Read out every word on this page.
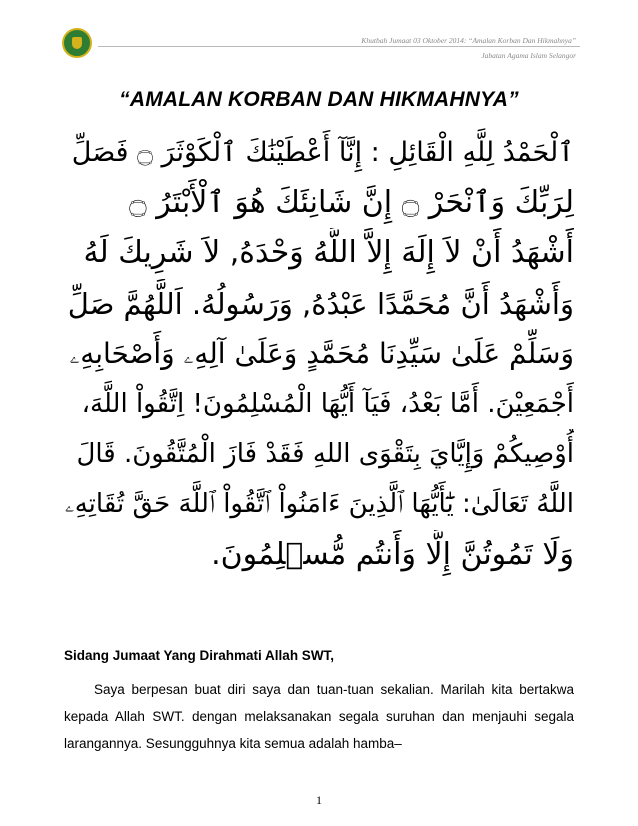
Khutbah Jumaat 03 Oktober 2014: “Amalan Korban Dan Hikmahnya”
Jabatan Agama Islam Selangor
“AMALAN KORBAN DAN HIKMAHNYA”
ٱلْحَمْدُ لِلَّهِ الْقَائِلِ : إِنَّآ أَعْطَيْنَٰكَ ٱلْكَوْثَرَ ۝ فَصَلِّ
لِرَبِّكَ وَٱنْحَرْ ۝ إِنَّ شَانِئَكَ هُوَ ٱلْأَبْتَرُ ۝
أَشْهَدُ أَنْ لاَ إِلَهَ إِلاَّ اللَّهُ وَحْدَهُ, لاَ شَرِيكَ لَهُ
وَأَشْهَدُ أَنَّ مُحَمَّدًا عَبْدُهُ, وَرَسُولُهُ. اَللَّهُمَّ صَلِّ
وَسَلِّمْ عَلَىٰ سَيِّدِنَا مُحَمَّدٍ وَعَلَىٰ آلِهِۦ وَأَصْحَابِهِۦ
أَجْمَعِيْنَ. أَمَّا بَعْدُ، فَيَآ أَيُّهَا الْمُسْلِمُونَ! اِتَّقُواْ اللَّهَ،
أُوْصِيكُمْ وَإِيَّايَ بِتَقْوَى اللهِ فَقَدْ فَازَ الْمُتَّقُونَ. قَالَ
اللَّهُ تَعَالَىٰ: يَٰٓأَيُّهَا ٱلَّذِينَ ءَامَنُواْ ٱتَّقُواْ ٱللَّهَ حَقَّ تُقَاتِهِۦ
وَلَا تَمُوتُنَّ إِلَّا وَأَنتُم مُّسۡلِمُونَ.

Sidang Jumaat Yang Dirahmati Allah SWT,
Saya berpesan buat diri saya dan tuan-tuan sekalian. Marilah kita bertakwa kepada Allah SWT. dengan melaksanakan segala suruhan dan menjauhi segala larangannya. Sesungguhnya kita semua adalah hamba–
1
